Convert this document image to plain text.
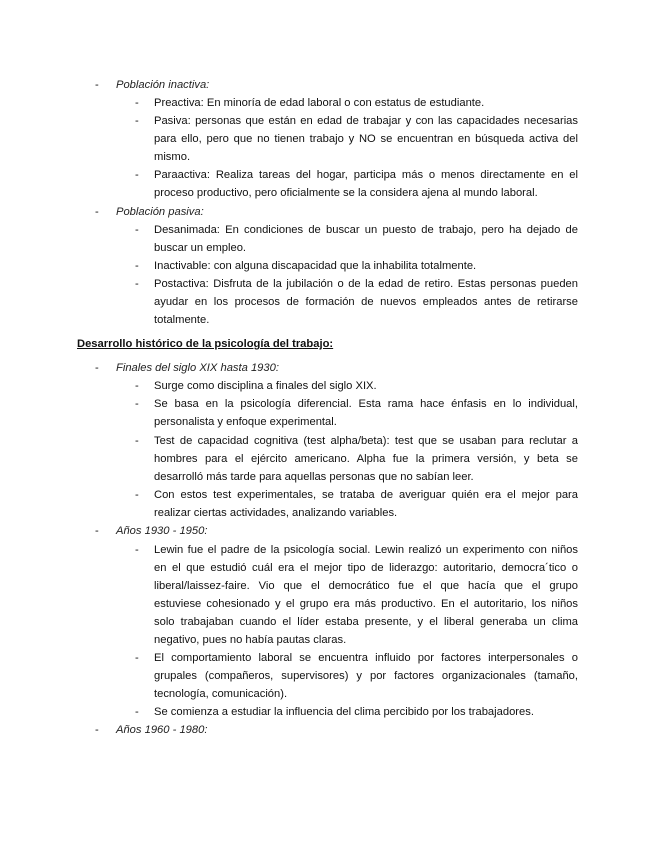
- Población inactiva:
- Preactiva: En minoría de edad laboral o con estatus de estudiante.
- Pasiva: personas que están en edad de trabajar y con las capacidades necesarias
para ello, pero que no tienen trabajo y NO se encuentran en búsqueda activa del
mismo.
- Paraactiva: Realiza tareas del hogar, participa más o menos directamente en el
proceso productivo, pero oficialmente se la considera ajena al mundo laboral.
- Población pasiva:
- Desanimada: En condiciones de buscar un puesto de trabajo, pero ha dejado de
buscar un empleo.
- Inactivable: con alguna discapacidad que la inhabilita totalmente.
- Postactiva: Disfruta de la jubilación o de la edad de retiro. Estas personas pueden
ayudar en los procesos de formación de nuevos empleados antes de retirarse
totalmente.
Desarrollo histórico de la psicología del trabajo:
- Finales del siglo XIX hasta 1930:
- Surge como disciplina a finales del siglo XIX.
- Se basa en la psicología diferencial. Esta rama hace énfasis en lo individual,
personalista y enfoque experimental.
- Test de capacidad cognitiva (test alpha/beta): test que se usaban para reclutar a
hombres para el ejército americano. Alpha fue la primera versión, y beta se
desarrolló más tarde para aquellas personas que no sabían leer.
- Con estos test experimentales, se trataba de averiguar quién era el mejor para
realizar ciertas actividades, analizando variables.
- Años 1930 - 1950:
- Lewin fue el padre de la psicología social. Lewin realizó un experimento con niños
en el que estudió cuál era el mejor tipo de liderazgo: autoritario, democra´tico o
liberal/laissez-faire. Vio que el democrático fue el que hacía que el grupo
estuviese cohesionado y el grupo era más productivo. En el autoritario, los niños
solo trabajaban cuando el líder estaba presente, y el liberal generaba un clima
negativo, pues no había pautas claras.
- El comportamiento laboral se encuentra influido por factores interpersonales o
grupales (compañeros, supervisores) y por factores organizacionales (tamaño,
tecnología, comunicación).
- Se comienza a estudiar la influencia del clima percibido por los trabajadores.
- Años 1960 - 1980:
